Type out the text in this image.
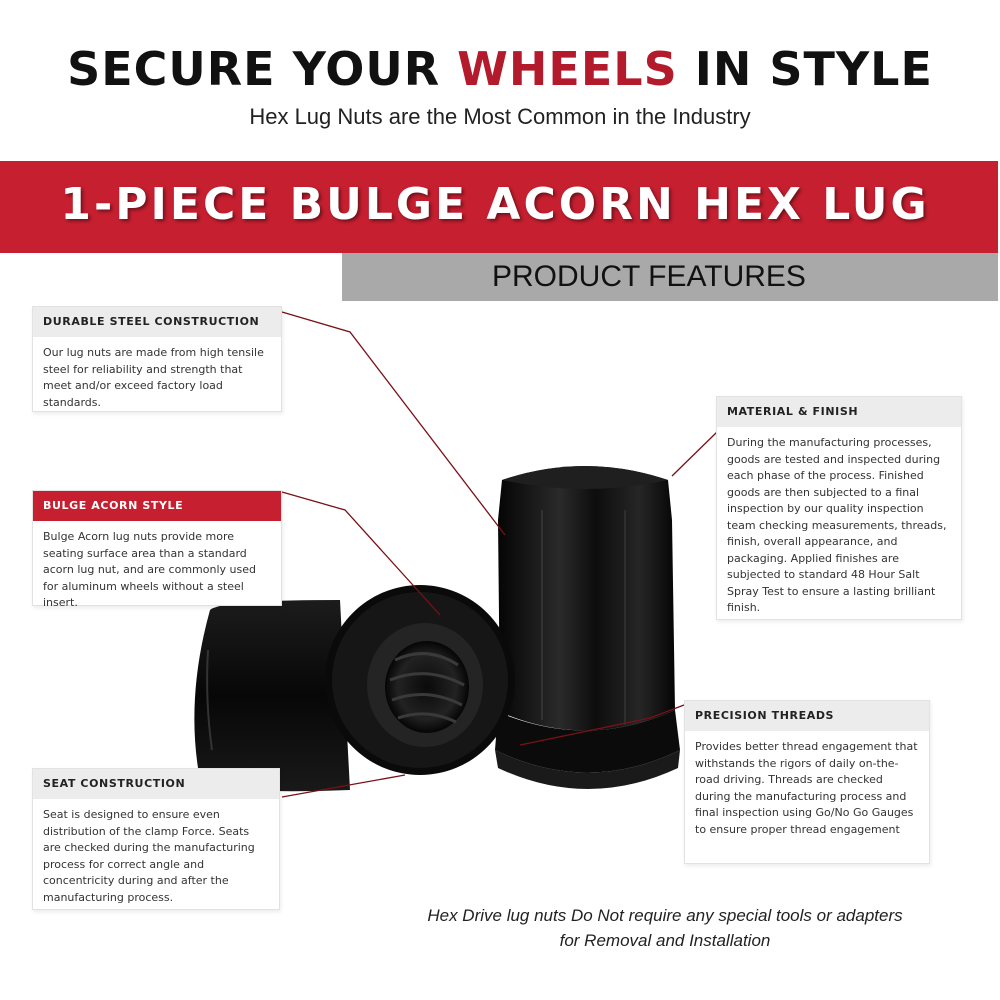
SECURE YOUR WHEELS IN STYLE
Hex Lug Nuts are the Most Common in the Industry
1-PIECE BULGE ACORN HEX LUG
PRODUCT FEATURES
DURABLE STEEL CONSTRUCTION
Our lug nuts are made from high tensile steel for reliability and strength that meet and/or exceed factory load standards.
BULGE ACORN STYLE
Bulge Acorn lug nuts provide more seating surface area than a standard acorn lug nut, and are commonly used for aluminum wheels without a steel insert.
SEAT CONSTRUCTION
Seat is designed to ensure even distribution of the clamp Force. Seats are checked during the manufacturing process for correct angle and concentricity during and after the manufacturing process.
MATERIAL & FINISH
During the manufacturing processes, goods are tested and inspected during each phase of the process. Finished goods are then subjected to a final inspection by our quality inspection team checking measurements, threads, finish, overall appearance, and packaging. Applied finishes are subjected to standard 48 Hour Salt Spray Test to ensure a lasting brilliant finish.
PRECISION THREADS
Provides better thread engagement that withstands the rigors of daily on-the-road driving. Threads are checked during the manufacturing process and final inspection using Go/No Go Gauges to ensure proper thread engagement
Hex Drive lug nuts Do Not require any special tools or adapters
for Removal and Installation
